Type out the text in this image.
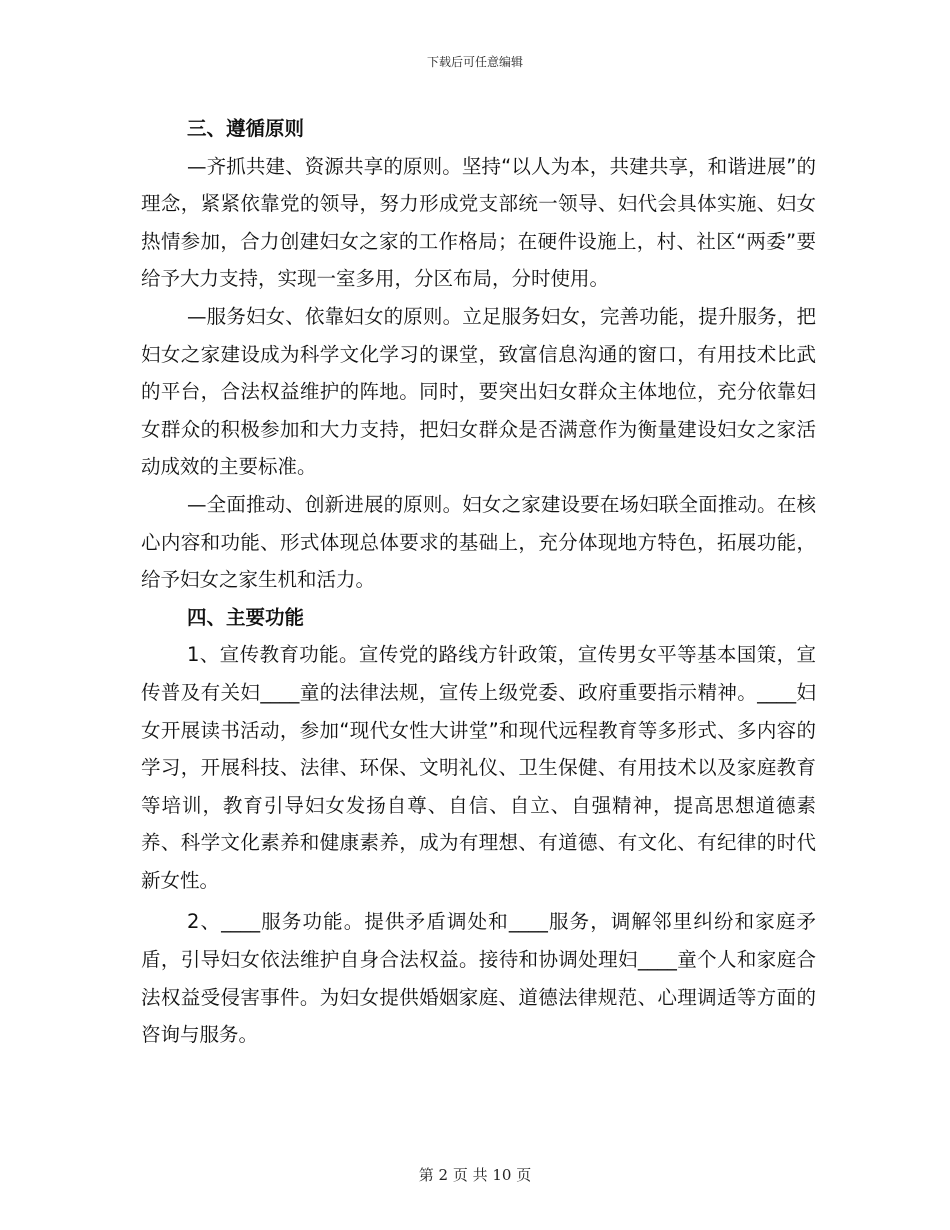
下载后可任意编辑

三、遵循原则

—齐抓共建、资源共享的原则。坚持“以人为本，共建共享，和谐进展”的理念，紧紧依靠党的领导，努力形成党支部统一领导、妇代会具体实施、妇女热情参加，合力创建妇女之家的工作格局；在硬件设施上，村、社区“两委”要给予大力支持，实现一室多用，分区布局，分时使用。

—服务妇女、依靠妇女的原则。立足服务妇女，完善功能，提升服务，把妇女之家建设成为科学文化学习的课堂，致富信息沟通的窗口，有用技术比武的平台，合法权益维护的阵地。同时，要突出妇女群众主体地位，充分依靠妇女群众的积极参加和大力支持，把妇女群众是否满意作为衡量建设妇女之家活动成效的主要标准。

—全面推动、创新进展的原则。妇女之家建设要在场妇联全面推动。在核心内容和功能、形式体现总体要求的基础上，充分体现地方特色，拓展功能，给予妇女之家生机和活力。

四、主要功能

1、宣传教育功能。宣传党的路线方针政策，宣传男女平等基本国策，宣传普及有关妇____童的法律法规，宣传上级党委、政府重要指示精神。____妇女开展读书活动，参加“现代女性大讲堂”和现代远程教育等多形式、多内容的学习，开展科技、法律、环保、文明礼仪、卫生保健、有用技术以及家庭教育等培训，教育引导妇女发扬自尊、自信、自立、自强精神，提高思想道德素养、科学文化素养和健康素养，成为有理想、有道德、有文化、有纪律的时代新女性。

2、____服务功能。提供矛盾调处和____服务，调解邻里纠纷和家庭矛盾，引导妇女依法维护自身合法权益。接待和协调处理妇____童个人和家庭合法权益受侵害事件。为妇女提供婚姻家庭、道德法律规范、心理调适等方面的咨询与服务。

第 2 页 共 10 页
